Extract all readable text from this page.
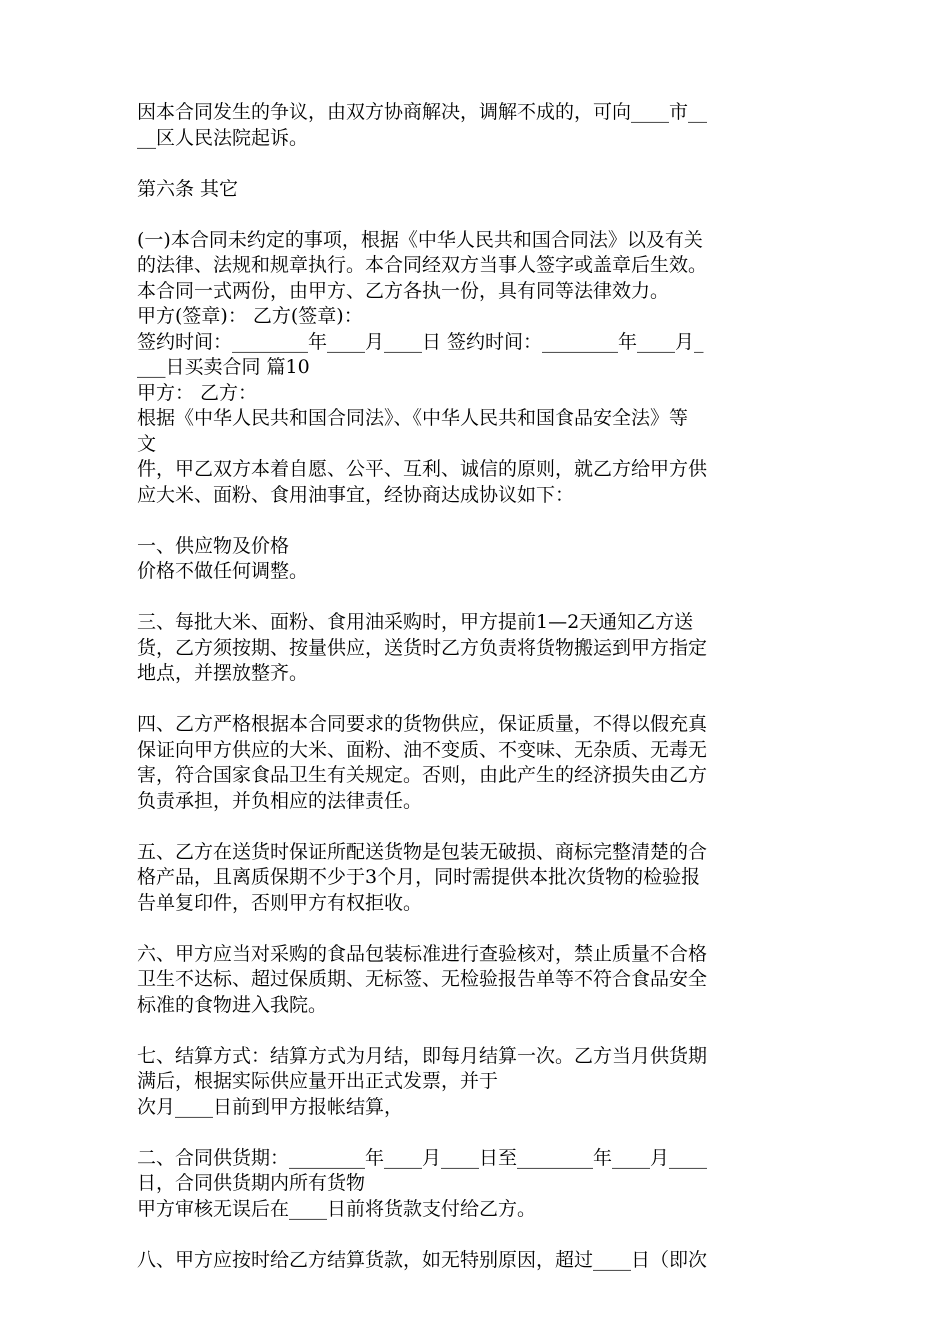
因本合同发生的争议，由双方协商解决，调解不成的，可向____市__
__区人民法院起诉。
第六条 其它
(一)本合同未约定的事项，根据《中华人民共和国合同法》以及有关
的法律、法规和规章执行。本合同经双方当事人签字或盖章后生效。
本合同一式两份，由甲方、乙方各执一份，具有同等法律效力。
甲方(签章)： 乙方(签章)：
签约时间：________年____月____日 签约时间：________年____月_
___日买卖合同 篇10
甲方： 乙方：
根据《中华人民共和国合同法》、《中华人民共和国食品安全法》等
文
件，甲乙双方本着自愿、公平、互利、诚信的原则，就乙方给甲方供
应大米、面粉、食用油事宜，经协商达成协议如下：
一、供应物及价格
价格不做任何调整。
三、每批大米、面粉、食用油采购时，甲方提前1—2天通知乙方送
货，乙方须按期、按量供应，送货时乙方负责将货物搬运到甲方指定
地点，并摆放整齐。
四、乙方严格根据本合同要求的货物供应，保证质量，不得以假充真
保证向甲方供应的大米、面粉、油不变质、不变味、无杂质、无毒无
害，符合国家食品卫生有关规定。否则，由此产生的经济损失由乙方
负责承担，并负相应的法律责任。
五、乙方在送货时保证所配送货物是包装无破损、商标完整清楚的合
格产品，且离质保期不少于3个月，同时需提供本批次货物的检验报
告单复印件，否则甲方有权拒收。
六、甲方应当对采购的食品包装标准进行查验核对，禁止质量不合格
卫生不达标、超过保质期、无标签、无检验报告单等不符合食品安全
标准的食物进入我院。
七、结算方式：结算方式为月结，即每月结算一次。乙方当月供货期
满后，根据实际供应量开出正式发票，并于
次月____日前到甲方报帐结算，
二、合同供货期：________年____月____日至________年____月____
日，合同供货期内所有货物
甲方审核无误后在____日前将货款支付给乙方。
八、甲方应按时给乙方结算货款，如无特别原因，超过____日（即次
